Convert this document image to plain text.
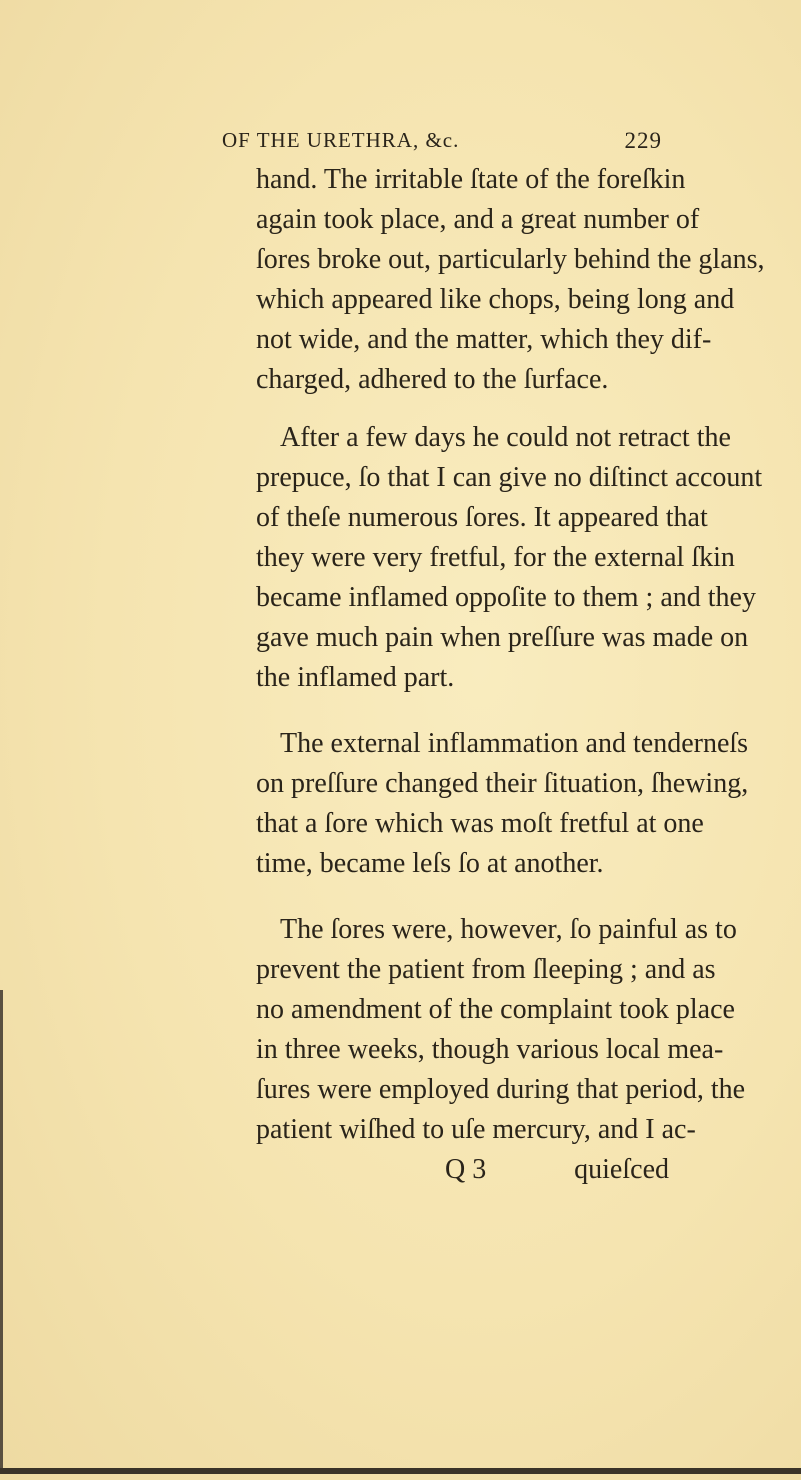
OF THE URETHRA, &c.	229
hand. The irritable ſtate of the foreſkin
again took place, and a great number of
ſores broke out, particularly behind the glans,
which appeared like chops, being long and
not wide, and the matter, which they dif-
charged, adhered to the ſurface.
After a few days he could not retract the
prepuce, ſo that I can give no diſtinct account
of theſe numerous ſores. It appeared that
they were very fretful, for the external ſkin
became inflamed oppoſite to them ; and they
gave much pain when preſſure was made on
the inflamed part.
The external inflammation and tenderneſs
on preſſure changed their ſituation, ſhewing,
that a ſore which was moſt fretful at one
time, became leſs ſo at another.
The ſores were, however, ſo painful as to
prevent the patient from ſleeping ; and as
no amendment of the complaint took place
in three weeks, though various local mea-
ſures were employed during that period, the
patient wiſhed to uſe mercury, and I ac-
Q 3	quieſced
